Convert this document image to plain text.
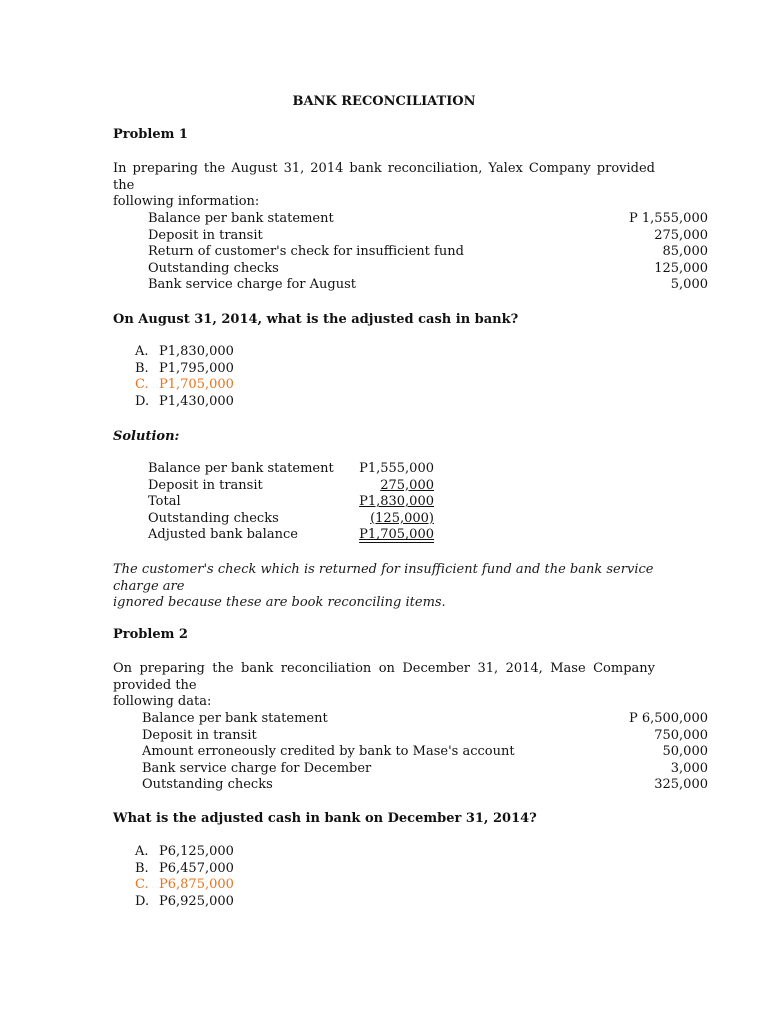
BANK RECONCILIATION
Problem 1
In preparing the August 31, 2014 bank reconciliation, Yalex Company provided the
following information:
Balance per bank statement	P 1,555,000
Deposit in transit	275,000
Return of customer's check for insufficient fund	85,000
Outstanding checks	125,000
Bank service charge for August	5,000
On August 31, 2014, what is the adjusted cash in bank?
A. P1,830,000
B. P1,795,000
C. P1,705,000
D. P1,430,000
Solution:
Balance per bank statement	P1,555,000
Deposit in transit	275,000
Total	P1,830,000
Outstanding checks	(125,000)
Adjusted bank balance	P1,705,000
The customer's check which is returned for insufficient fund and the bank service charge are
ignored because these are book reconciling items.
Problem 2
On preparing the bank reconciliation on December 31, 2014, Mase Company provided the
following data:
Balance per bank statement	P 6,500,000
Deposit in transit	750,000
Amount erroneously credited by bank to Mase's account	50,000
Bank service charge for December	3,000
Outstanding checks	325,000
What is the adjusted cash in bank on December 31, 2014?
A. P6,125,000
B. P6,457,000
C. P6,875,000
D. P6,925,000
